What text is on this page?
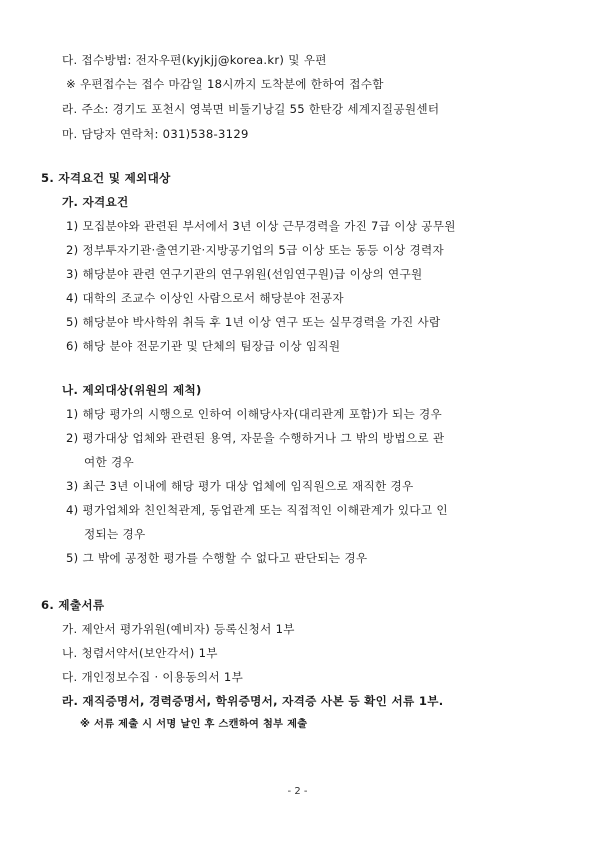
다. 접수방법: 전자우편(kyjkjj@korea.kr) 및 우편
※ 우편접수는 접수 마감일 18시까지 도착분에 한하여 접수함
라. 주소: 경기도 포천시 영북면 비둘기낭길 55 한탄강 세계지질공원센터
마. 담당자 연락처: 031)538-3129
5. 자격요건 및 제외대상
가. 자격요건
1) 모집분야와 관련된 부서에서 3년 이상 근무경력을 가진 7급 이상 공무원
2) 정부투자기관·출연기관·지방공기업의 5급 이상 또는 동등 이상 경력자
3) 해당분야 관련 연구기관의 연구위원(선임연구원)급 이상의 연구원
4) 대학의 조교수 이상인 사람으로서 해당분야 전공자
5) 해당분야 박사학위 취득 후 1년 이상 연구 또는 실무경력을 가진 사람
6) 해당 분야 전문기관 및 단체의 팀장급 이상 임직원
나. 제외대상(위원의 제척)
1) 해당 평가의 시행으로 인하여 이해당사자(대리관계 포함)가 되는 경우
2) 평가대상 업체와 관련된 용역, 자문을 수행하거나 그 밖의 방법으로 관
여한 경우
3) 최근 3년 이내에 해당 평가 대상 업체에 임직원으로 재직한 경우
4) 평가업체와 친인척관계, 동업관계 또는 직접적인 이해관계가 있다고 인
정되는 경우
5) 그 밖에 공정한 평가를 수행할 수 없다고 판단되는 경우
6. 제출서류
가. 제안서 평가위원(예비자) 등록신청서 1부
나. 청렴서약서(보안각서) 1부
다. 개인정보수집 · 이용동의서 1부
라. 재직증명서, 경력증명서, 학위증명서, 자격증 사본 등 확인 서류 1부.
※ 서류 제출 시 서명 날인 후 스캔하여 첨부 제출
- 2 -
